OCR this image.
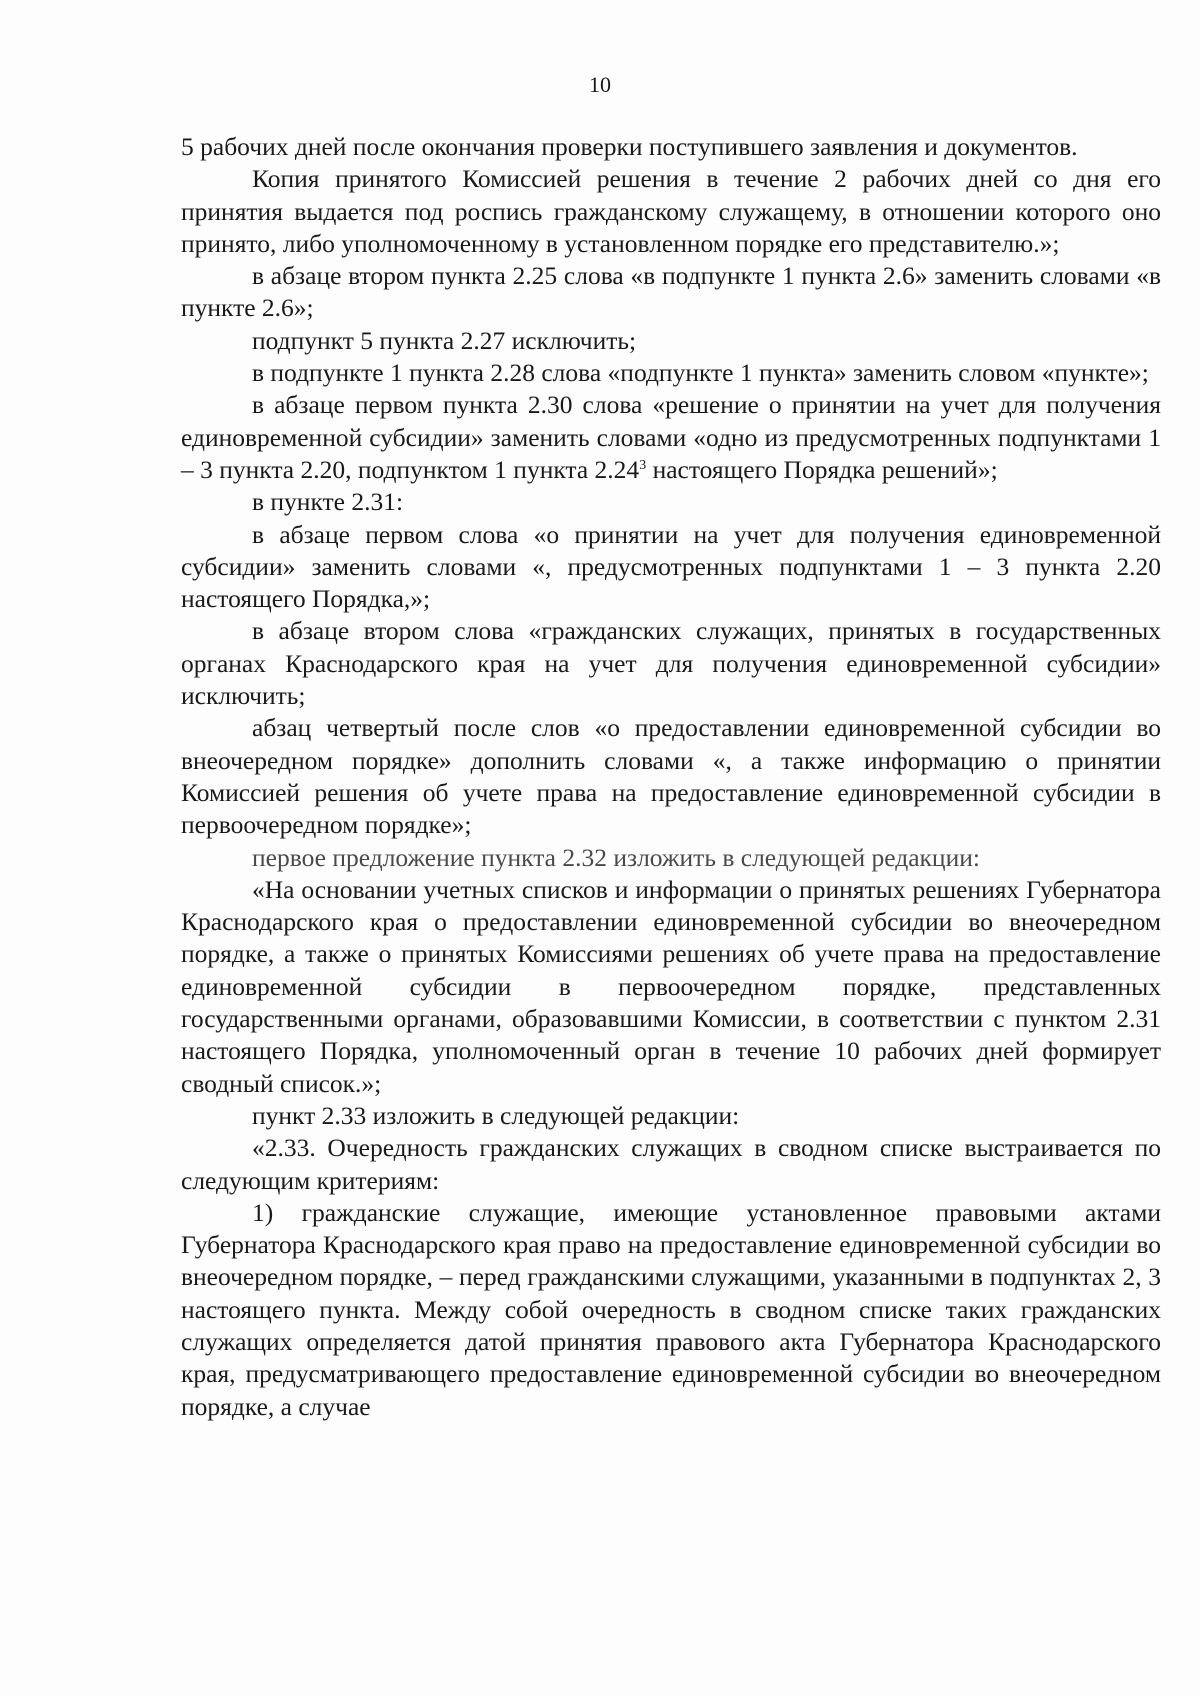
10

5 рабочих дней после окончания проверки поступившего заявления и документов.

Копия принятого Комиссией решения в течение 2 рабочих дней со дня его принятия выдается под роспись гражданскому служащему, в отношении которого оно принято, либо уполномоченному в установленном порядке его представителю.»;

в абзаце втором пункта 2.25 слова «в подпункте 1 пункта 2.6» заменить словами «в пункте 2.6»;

подпункт 5 пункта 2.27 исключить;

в подпункте 1 пункта 2.28 слова «подпункте 1 пункта» заменить словом «пункте»;

в абзаце первом пункта 2.30 слова «решение о принятии на учет для получения единовременной субсидии» заменить словами «одно из предусмотренных подпунктами 1 – 3 пункта 2.20, подпунктом 1 пункта 2.24$^3$ настоящего Порядка решений»;

в пункте 2.31:

в абзаце первом слова «о принятии на учет для получения единовременной субсидии» заменить словами «, предусмотренных подпунктами 1 – 3 пункта 2.20 настоящего Порядка,»;

в абзаце втором слова «гражданских служащих, принятых в государственных органах Краснодарского края на учет для получения единовременной субсидии» исключить;

абзац четвертый после слов «о предоставлении единовременной субсидии во внеочередном порядке» дополнить словами «, а также информацию о принятии Комиссией решения об учете права на предоставление единовременной субсидии в первоочередном порядке»;

первое предложение пункта 2.32 изложить в следующей редакции:

«На основании учетных списков и информации о принятых решениях Губернатора Краснодарского края о предоставлении единовременной субсидии во внеочередном порядке, а также о принятых Комиссиями решениях об учете права на предоставление единовременной субсидии в первоочередном порядке, представленных государственными органами, образовавшими Комиссии, в соответствии с пунктом 2.31 настоящего Порядка, уполномоченный орган в течение 10 рабочих дней формирует сводный список.»;

пункт 2.33 изложить в следующей редакции:

«2.33. Очередность гражданских служащих в сводном списке выстраивается по следующим критериям:

1) гражданские служащие, имеющие установленное правовыми актами Губернатора Краснодарского края право на предоставление единовременной субсидии во внеочередном порядке, – перед гражданскими служащими, указанными в подпунктах 2, 3 настоящего пункта. Между собой очередность в сводном списке таких гражданских служащих определяется датой принятия правового акта Губернатора Краснодарского края, предусматривающего предоставление единовременной субсидии во внеочередном порядке, а случае
